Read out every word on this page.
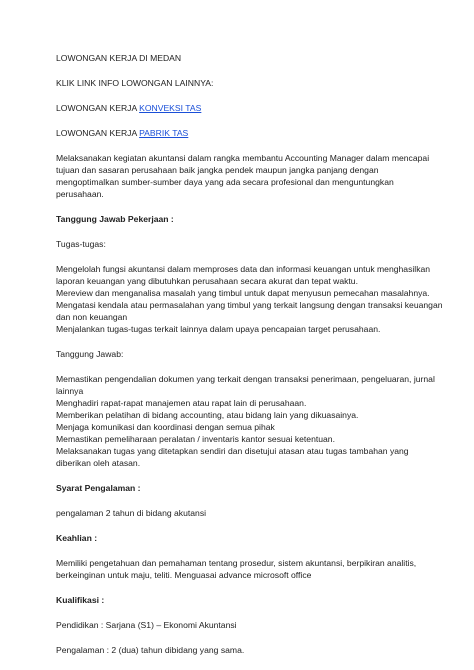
LOWONGAN KERJA DI MEDAN

KLIK LINK INFO LOWONGAN LAINNYA:

LOWONGAN KERJA KONVEKSI TAS

LOWONGAN KERJA PABRIK TAS

Melaksanakan kegiatan akuntansi dalam rangka membantu Accounting Manager dalam mencapai
tujuan dan sasaran perusahaan baik jangka pendek maupun jangka panjang dengan
mengoptimalkan sumber-sumber daya yang ada secara profesional dan menguntungkan
perusahaan.

Tanggung Jawab Pekerjaan :

Tugas-tugas:

Mengelolah fungsi akuntansi dalam memproses data dan informasi keuangan untuk menghasilkan
laporan keuangan yang dibutuhkan perusahaan secara akurat dan tepat waktu.
Mereview dan menganalisa masalah yang timbul untuk dapat menyusun pemecahan masalahnya.
Mengatasi kendala atau permasalahan yang timbul yang terkait langsung dengan transaksi keuangan
dan non keuangan
Menjalankan tugas-tugas terkait lainnya dalam upaya pencapaian target perusahaan.

Tanggung Jawab:

Memastikan pengendalian dokumen yang terkait dengan transaksi penerimaan, pengeluaran, jurnal
lainnya
Menghadiri rapat-rapat manajemen atau rapat lain di perusahaan.
Memberikan pelatihan di bidang accounting, atau bidang lain yang dikuasainya.
Menjaga komunikasi dan koordinasi dengan semua pihak
Memastikan pemeliharaan peralatan / inventaris kantor sesuai ketentuan.
Melaksanakan tugas yang ditetapkan sendiri dan disetujui atasan atau tugas tambahan yang
diberikan oleh atasan.

Syarat Pengalaman :

pengalaman 2 tahun di bidang akutansi

Keahlian :

Memiliki pengetahuan dan pemahaman tentang prosedur, sistem akuntansi, berpikiran analitis,
berkeinginan untuk maju, teliti. Menguasai advance microsoft office

Kualifikasi :

Pendidikan : Sarjana (S1) – Ekonomi Akuntansi

Pengalaman : 2 (dua) tahun dibidang yang sama.
